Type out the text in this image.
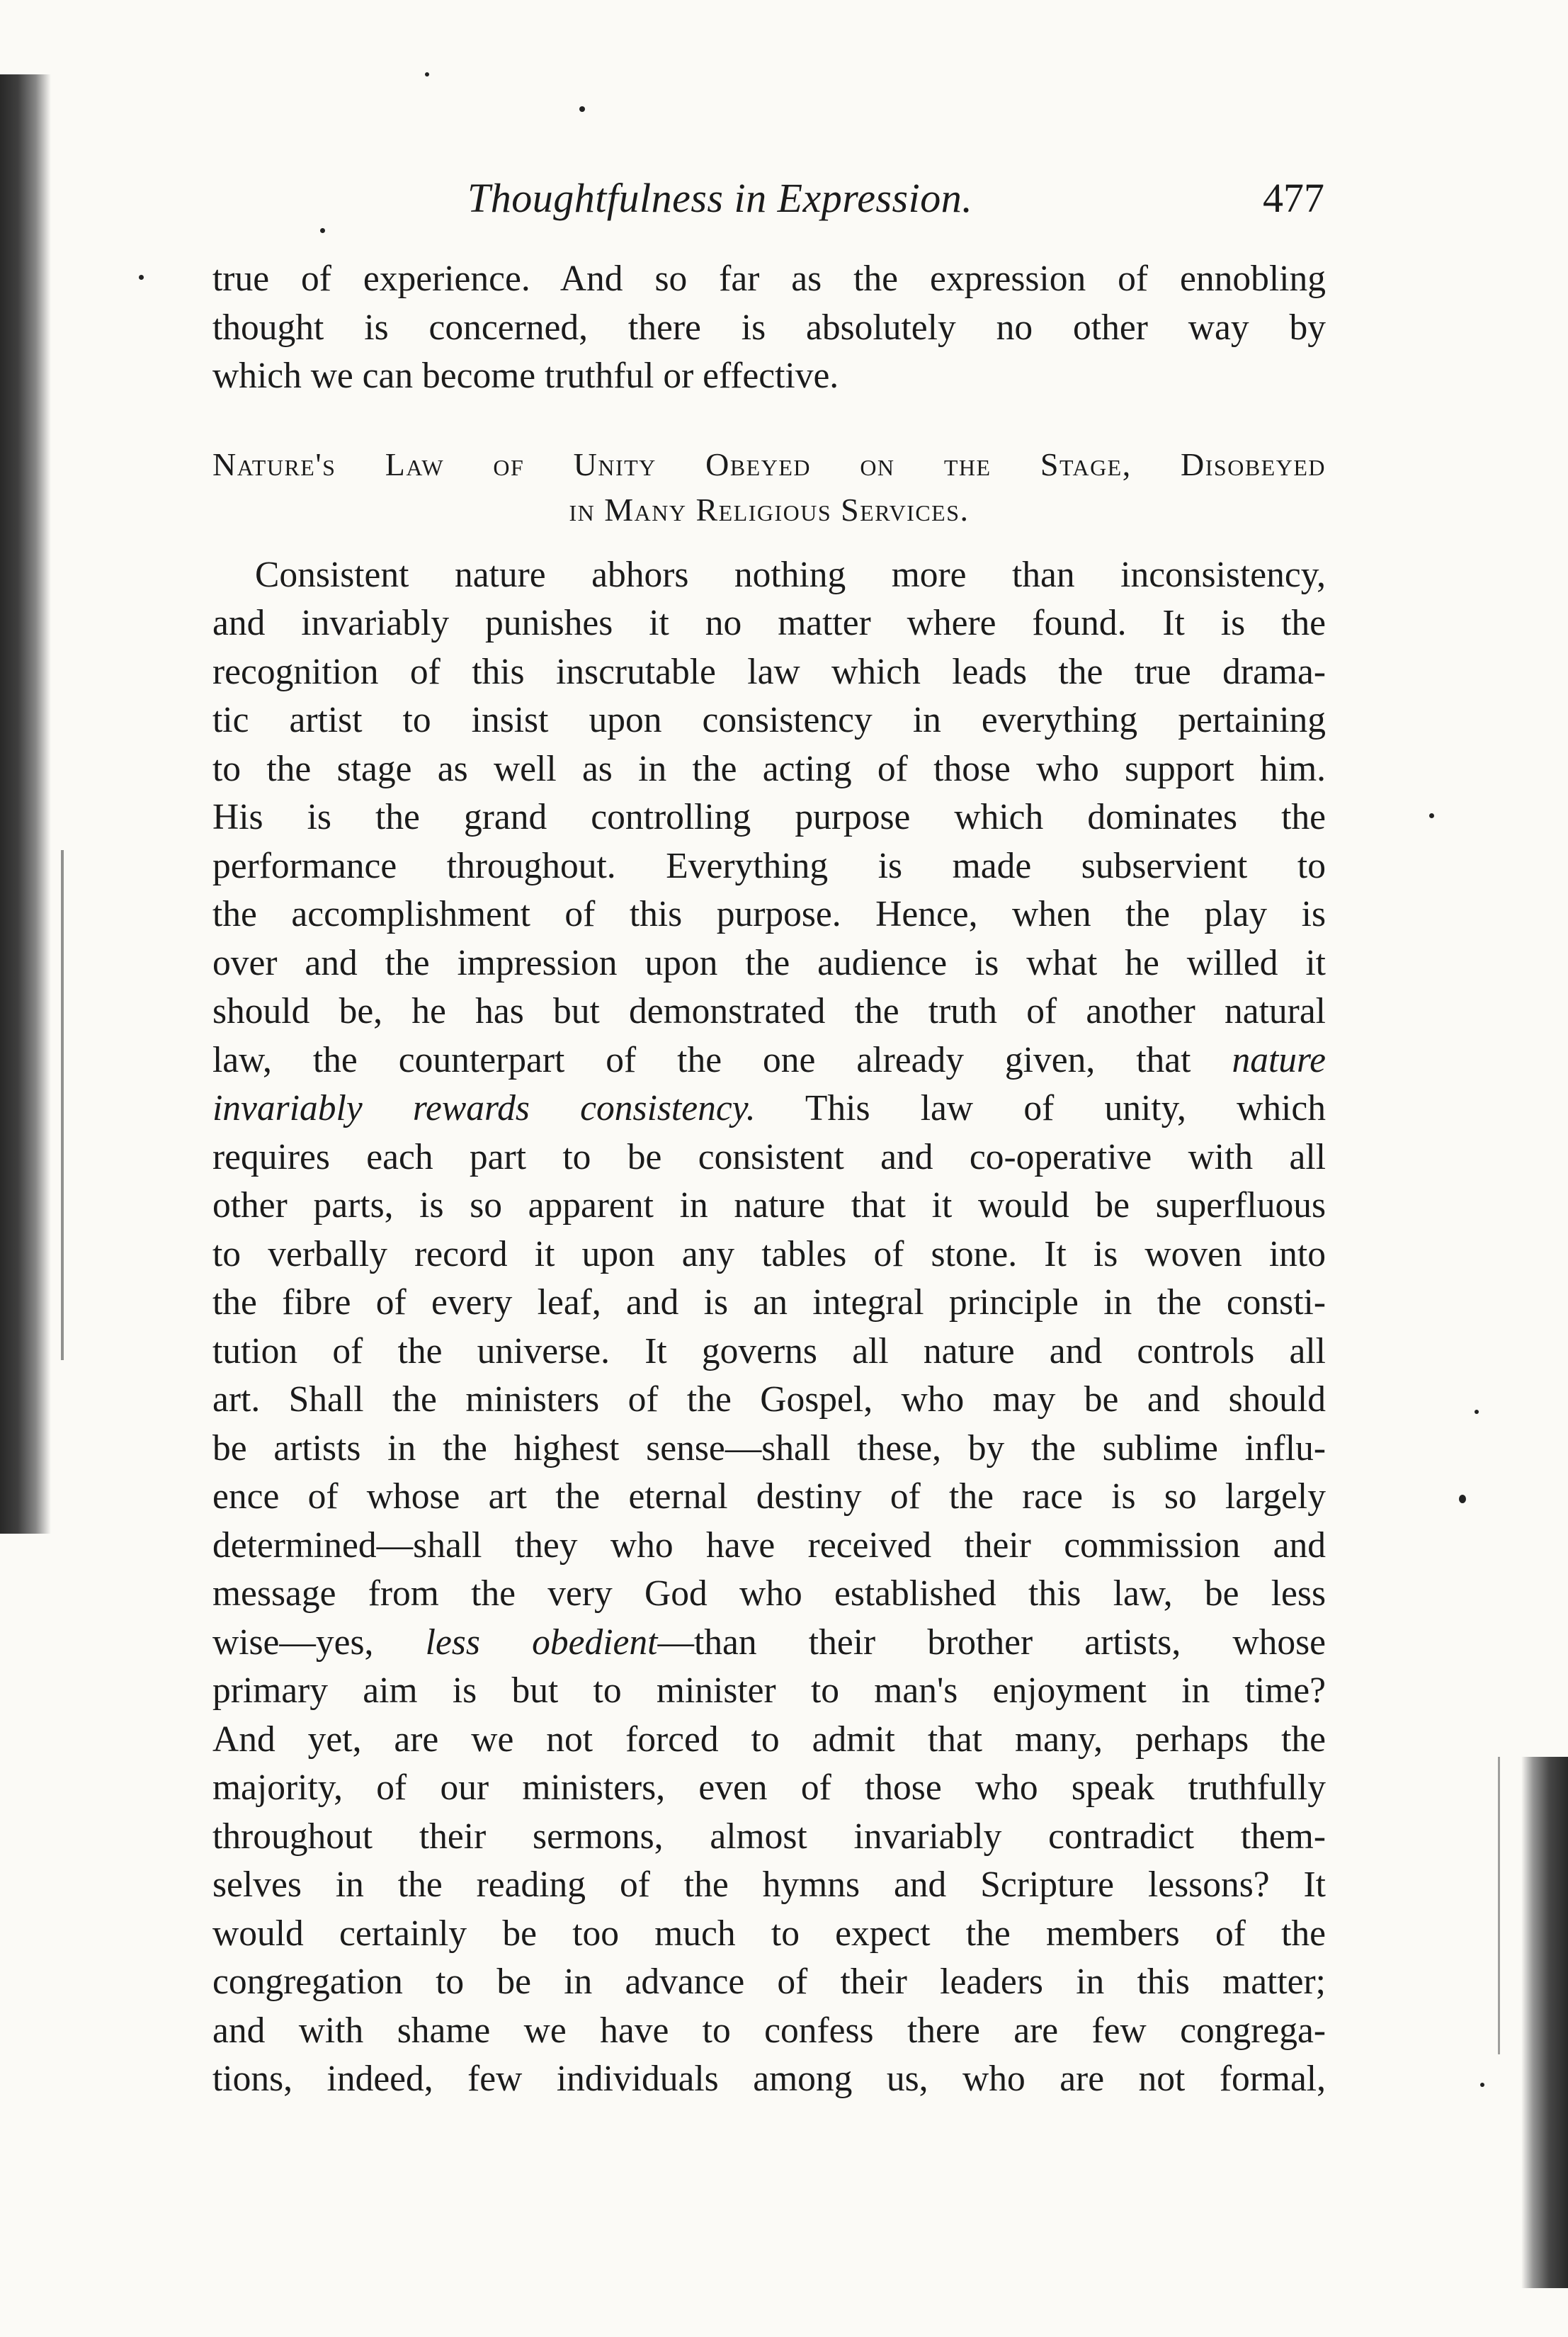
Thoughtfulness in Expression.	477
true of experience. And so far as the expression of ennobling
thought is concerned, there is absolutely no other way by
which we can become truthful or effective.
Nature's Law of Unity Obeyed on the Stage, Disobeyed
in Many Religious Services.
Consistent nature abhors nothing more than inconsistency,
and invariably punishes it no matter where found. It is the
recognition of this inscrutable law which leads the true drama-
tic artist to insist upon consistency in everything pertaining
to the stage as well as in the acting of those who support him.
His is the grand controlling purpose which dominates the
performance throughout. Everything is made subservient to
the accomplishment of this purpose. Hence, when the play is
over and the impression upon the audience is what he willed it
should be, he has but demonstrated the truth of another natural
law, the counterpart of the one already given, that nature
invariably rewards consistency. This law of unity, which
requires each part to be consistent and co-operative with all
other parts, is so apparent in nature that it would be superfluous
to verbally record it upon any tables of stone. It is woven into
the fibre of every leaf, and is an integral principle in the consti-
tution of the universe. It governs all nature and controls all
art. Shall the ministers of the Gospel, who may be and should
be artists in the highest sense—shall these, by the sublime influ-
ence of whose art the eternal destiny of the race is so largely
determined—shall they who have received their commission and
message from the very God who established this law, be less
wise—yes, less obedient—than their brother artists, whose
primary aim is but to minister to man's enjoyment in time?
And yet, are we not forced to admit that many, perhaps the
majority, of our ministers, even of those who speak truthfully
throughout their sermons, almost invariably contradict them-
selves in the reading of the hymns and Scripture lessons? It
would certainly be too much to expect the members of the
congregation to be in advance of their leaders in this matter;
and with shame we have to confess there are few congrega-
tions, indeed, few individuals among us, who are not formal,
